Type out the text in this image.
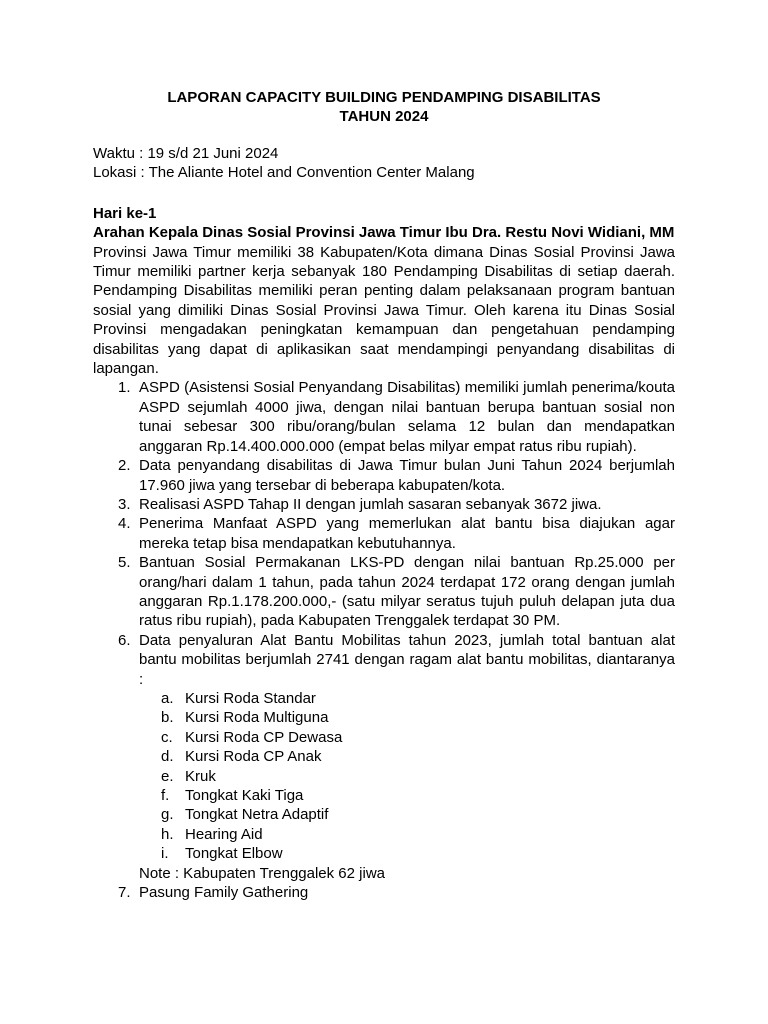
LAPORAN CAPACITY BUILDING PENDAMPING DISABILITAS
TAHUN 2024
Waktu : 19 s/d 21 Juni 2024
Lokasi : The Aliante Hotel and Convention Center Malang
Hari ke-1
Arahan Kepala Dinas Sosial Provinsi Jawa Timur Ibu Dra. Restu Novi Widiani, MM

Provinsi Jawa Timur memiliki 38 Kabupaten/Kota dimana Dinas Sosial Provinsi Jawa Timur memiliki partner kerja sebanyak 180 Pendamping Disabilitas di setiap daerah. Pendamping Disabilitas memiliki peran penting dalam pelaksanaan program bantuan sosial yang dimiliki Dinas Sosial Provinsi Jawa Timur. Oleh karena itu Dinas Sosial Provinsi mengadakan peningkatan kemampuan dan pengetahuan pendamping disabilitas yang dapat di aplikasikan saat mendampingi penyandang disabilitas di lapangan.

1. ASPD (Asistensi Sosial Penyandang Disabilitas) memiliki jumlah penerima/kouta ASPD sejumlah 4000 jiwa, dengan nilai bantuan berupa bantuan sosial non tunai sebesar 300 ribu/orang/bulan selama 12 bulan dan mendapatkan anggaran Rp.14.400.000.000 (empat belas milyar empat ratus ribu rupiah).
2. Data penyandang disabilitas di Jawa Timur bulan Juni Tahun 2024 berjumlah 17.960 jiwa yang tersebar di beberapa kabupaten/kota.
3. Realisasi ASPD Tahap II dengan jumlah sasaran sebanyak 3672 jiwa.
4. Penerima Manfaat ASPD yang memerlukan alat bantu bisa diajukan agar mereka tetap bisa mendapatkan kebutuhannya.
5. Bantuan Sosial Permakanan LKS-PD dengan nilai bantuan Rp.25.000 per orang/hari dalam 1 tahun, pada tahun 2024 terdapat 172 orang dengan jumlah anggaran Rp.1.178.200.000,- (satu milyar seratus tujuh puluh delapan juta dua ratus ribu rupiah), pada Kabupaten Trenggalek terdapat 30 PM.
6. Data penyaluran Alat Bantu Mobilitas tahun 2023, jumlah total bantuan alat bantu mobilitas berjumlah 2741 dengan ragam alat bantu mobilitas, diantaranya :
a. Kursi Roda Standar
b. Kursi Roda Multiguna
c. Kursi Roda CP Dewasa
d. Kursi Roda CP Anak
e. Kruk
f. Tongkat Kaki Tiga
g. Tongkat Netra Adaptif
h. Hearing Aid
i. Tongkat Elbow
Note : Kabupaten Trenggalek 62 jiwa
7. Pasung Family Gathering
